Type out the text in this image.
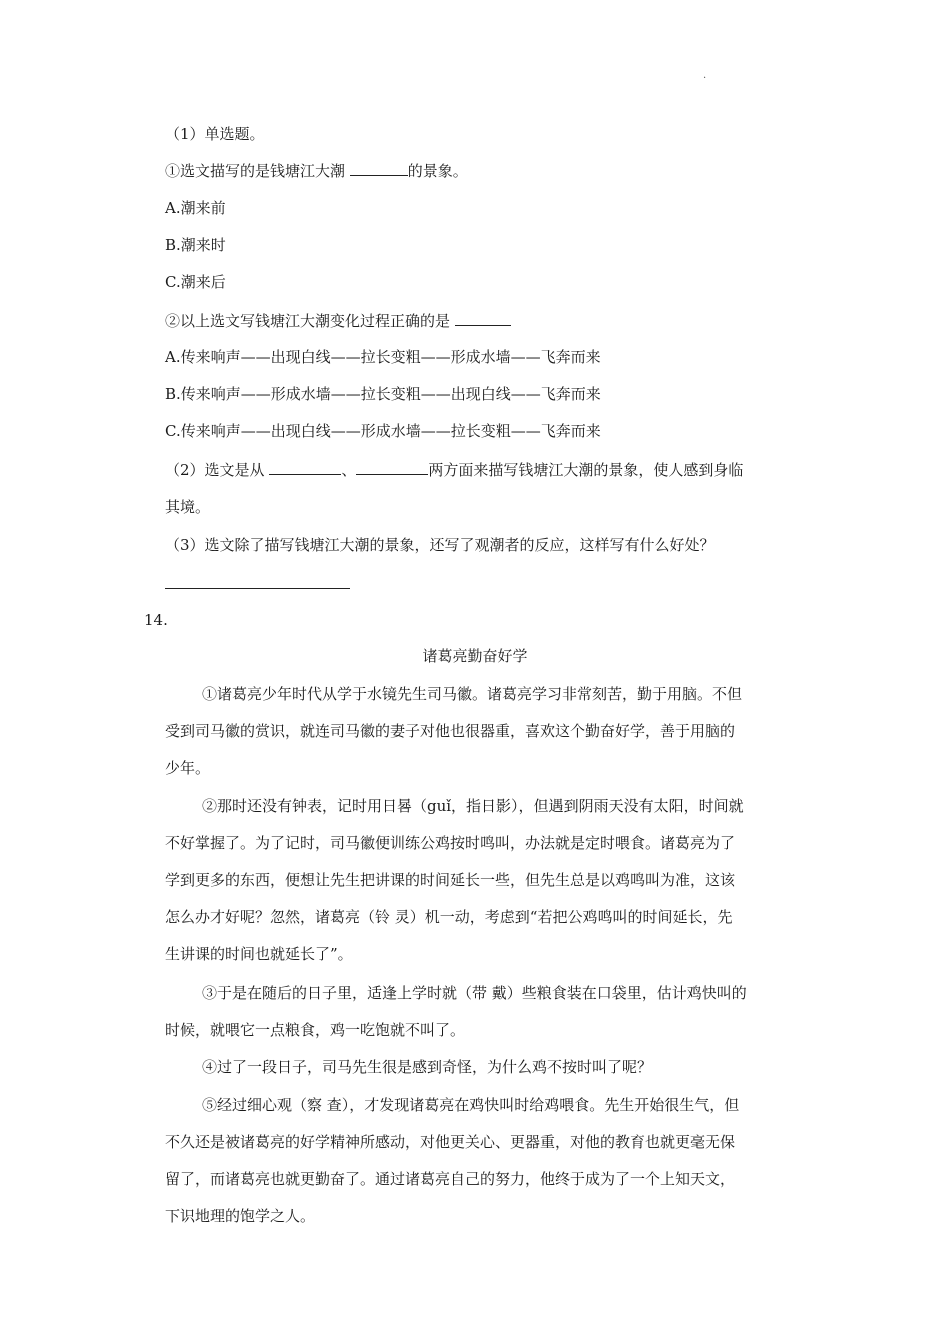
.
（1）单选题。
①选文描写的是钱塘江大潮	的景象。
A.潮来前
B.潮来时
C.潮来后
②以上选文写钱塘江大潮变化过程正确的是
A.传来响声——出现白线——拉长变粗——形成水墙——飞奔而来
B.传来响声——形成水墙——拉长变粗——出现白线——飞奔而来
C.传来响声——出现白线——形成水墙——拉长变粗——飞奔而来
（2）选文是从	、	两方面来描写钱塘江大潮的景象，使人感到身临
其境。
（3）选文除了描写钱塘江大潮的景象，还写了观潮者的反应，这样写有什么好处？
14.
诸葛亮勤奋好学
①诸葛亮少年时代从学于水镜先生司马徽。诸葛亮学习非常刻苦，勤于用脑。不但
受到司马徽的赏识，就连司马徽的妻子对他也很器重，喜欢这个勤奋好学，善于用脑的
少年。
②那时还没有钟表，记时用日晷（guǐ，指日影），但遇到阴雨天没有太阳，时间就
不好掌握了。为了记时，司马徽便训练公鸡按时鸣叫，办法就是定时喂食。诸葛亮为了
学到更多的东西，便想让先生把讲课的时间延长一些，但先生总是以鸡鸣叫为准，这该
怎么办才好呢？忽然，诸葛亮（铃 灵）机一动，考虑到“若把公鸡鸣叫的时间延长，先
生讲课的时间也就延长了”。
③于是在随后的日子里，适逢上学时就（带 戴）些粮食装在口袋里，估计鸡快叫的
时候，就喂它一点粮食，鸡一吃饱就不叫了。
④过了一段日子，司马先生很是感到奇怪，为什么鸡不按时叫了呢？
⑤经过细心观（察 查），才发现诸葛亮在鸡快叫时给鸡喂食。先生开始很生气，但
不久还是被诸葛亮的好学精神所感动，对他更关心、更器重，对他的教育也就更毫无保
留了，而诸葛亮也就更勤奋了。通过诸葛亮自己的努力，他终于成为了一个上知天文，
下识地理的饱学之人。
